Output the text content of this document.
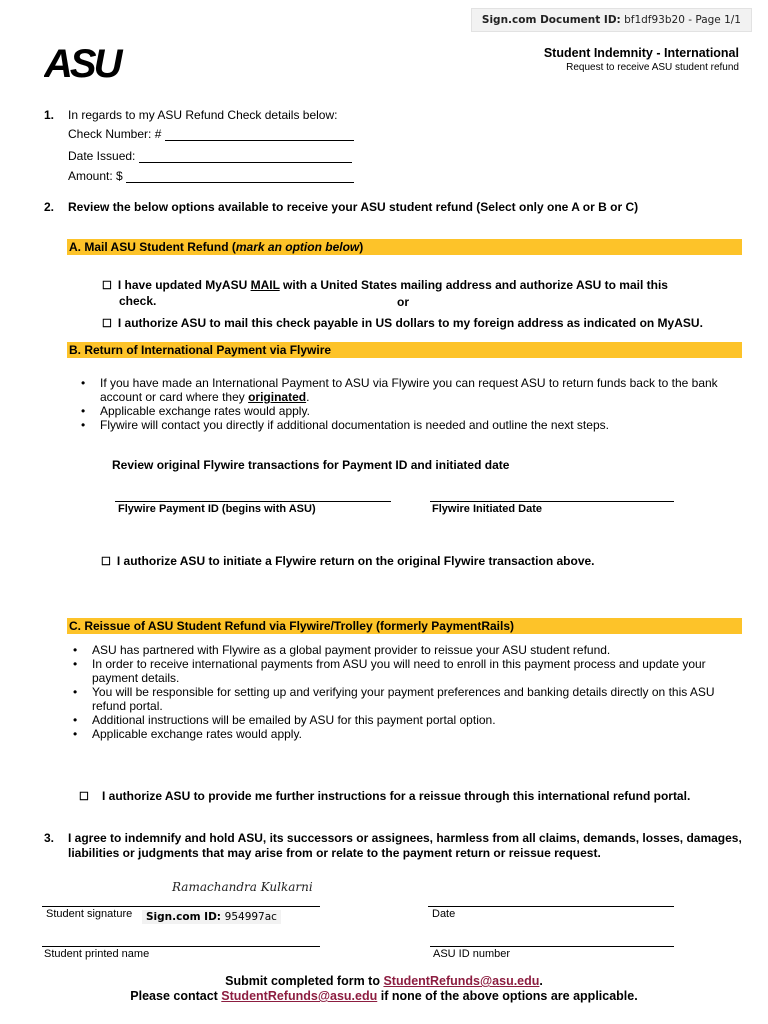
Sign.com Document ID: bf1df93b20 - Page 1/1
ASU	Student Indemnity - International
Request to receive ASU student refund
1. In regards to my ASU Refund Check details below:
Check Number: #
Date Issued:
Amount: $
2. Review the below options available to receive your ASU student refund (Select only one A or B or C)
A. Mail ASU Student Refund (mark an option below)
☐ I have updated MyASU MAIL with a United States mailing address and authorize ASU to mail this
check.	or
☐ I authorize ASU to mail this check payable in US dollars to my foreign address as indicated on MyASU.
B. Return of International Payment via Flywire
• If you have made an International Payment to ASU via Flywire you can request ASU to return funds back to the bank account or card where they originated.
• Applicable exchange rates would apply.
• Flywire will contact you directly if additional documentation is needed and outline the next steps.
Review original Flywire transactions for Payment ID and initiated date
Flywire Payment ID (begins with ASU)	Flywire Initiated Date
☐ I authorize ASU to initiate a Flywire return on the original Flywire transaction above.
C. Reissue of ASU Student Refund via Flywire/Trolley (formerly PaymentRails)
• ASU has partnered with Flywire as a global payment provider to reissue your ASU student refund.
• In order to receive international payments from ASU you will need to enroll in this payment process and update your payment details.
• You will be responsible for setting up and verifying your payment preferences and banking details directly on this ASU refund portal.
• Additional instructions will be emailed by ASU for this payment portal option.
• Applicable exchange rates would apply.
☐ I authorize ASU to provide me further instructions for a reissue through this international refund portal.
3. I agree to indemnify and hold ASU, its successors or assignees, harmless from all claims, demands, losses, damages, liabilities or judgments that may arise from or relate to the payment return or reissue request.
Ramachandra Kulkarni
Student signature	Sign.com ID: 954997ac	Date
Student printed name	ASU ID number
Submit completed form to StudentRefunds@asu.edu.
Please contact StudentRefunds@asu.edu if none of the above options are applicable.
